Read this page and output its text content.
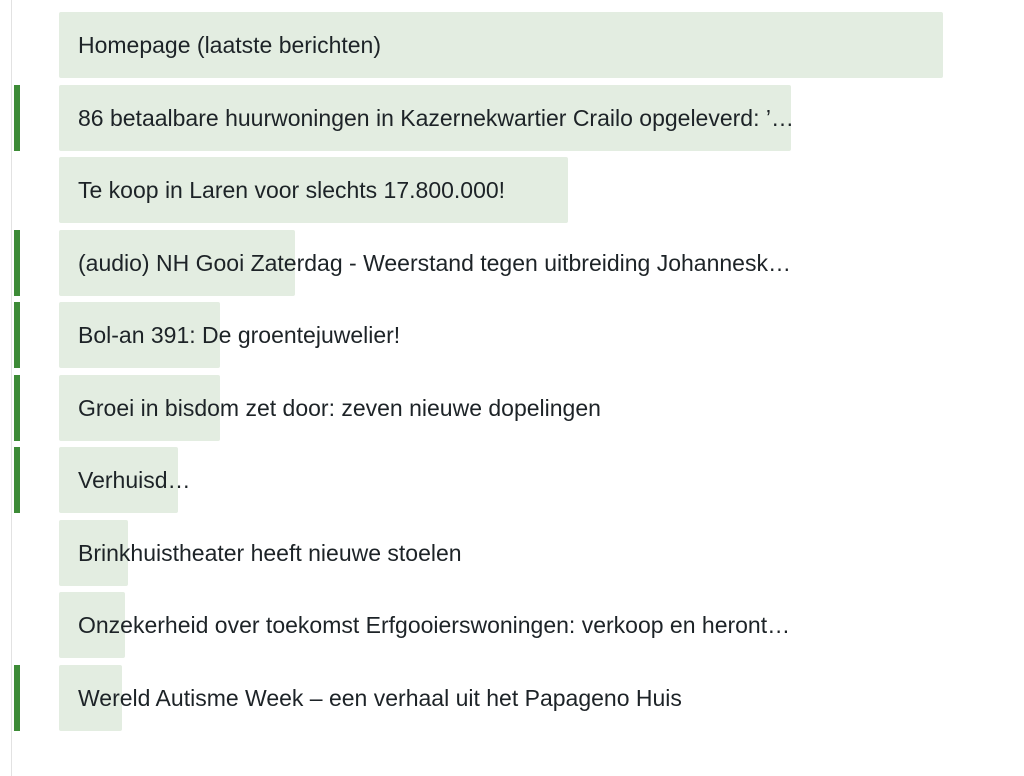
Homepage (laatste berichten)
86 betaalbare huurwoningen in Kazernekwartier Crailo opgeleverd: ’…
Te koop in Laren voor slechts 17.800.000!
(audio) NH Gooi Zaterdag - Weerstand tegen uitbreiding Johannesk…
Bol-an 391: De groentejuwelier!
Groei in bisdom zet door: zeven nieuwe dopelingen
Verhuisd…
Brinkhuistheater heeft nieuwe stoelen
Onzekerheid over toekomst Erfgooierswoningen: verkoop en heront…
Wereld Autisme Week – een verhaal uit het Papageno Huis
